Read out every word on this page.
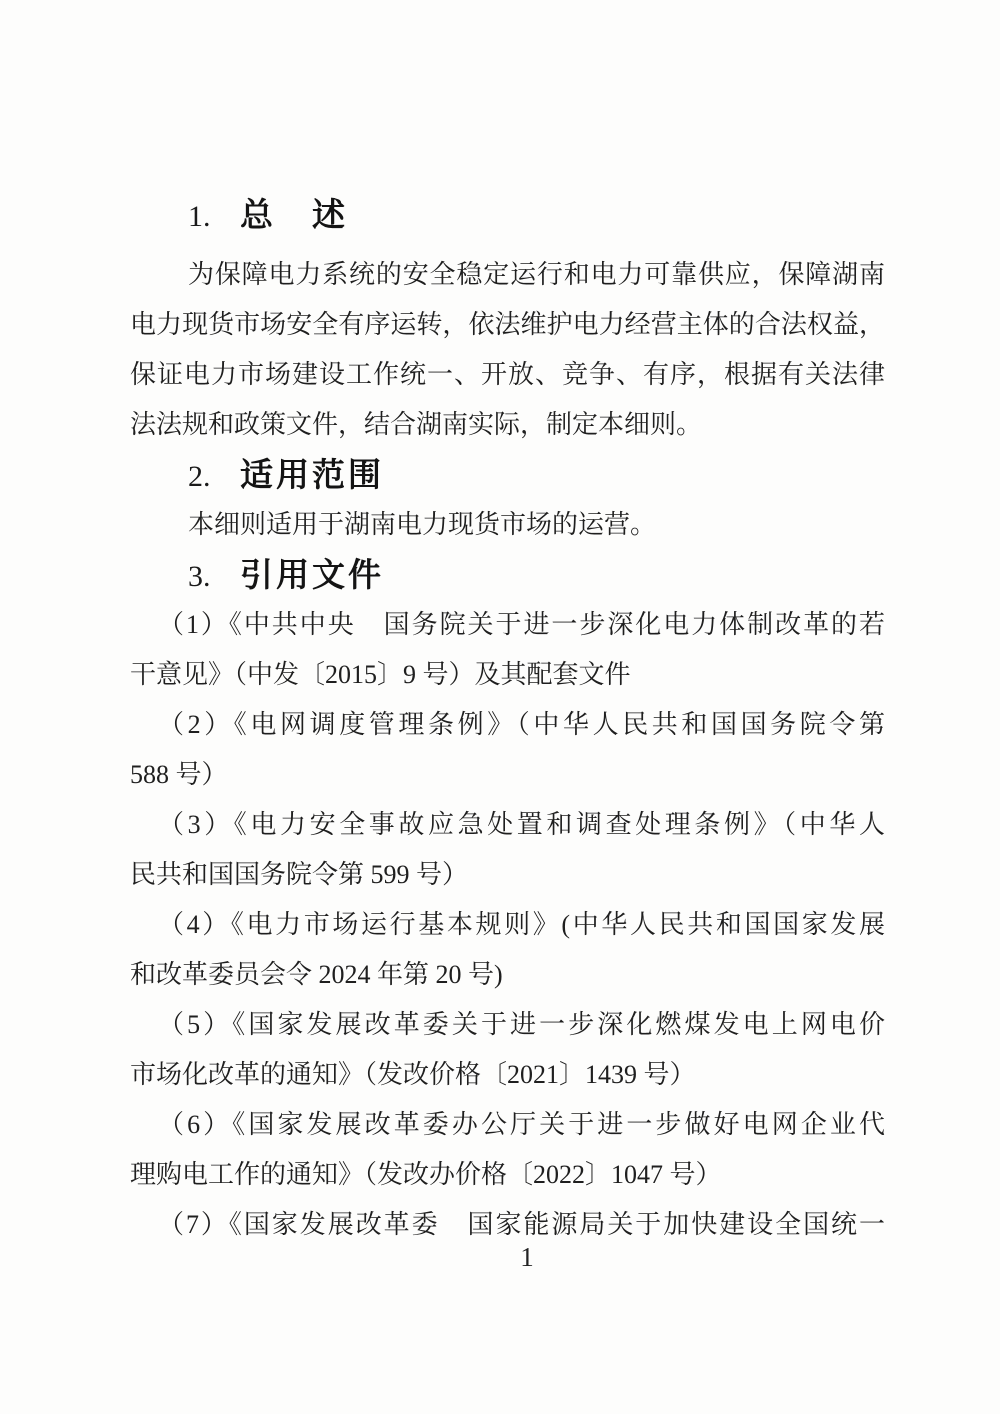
1. 总　述
为保障电力系统的安全稳定运行和电力可靠供应，保障湖南
电力现货市场安全有序运转，依法维护电力经营主体的合法权益，
保证电力市场建设工作统一、开放、竞争、有序，根据有关法律
法法规和政策文件，结合湖南实际，制定本细则。
2. 适用范围
本细则适用于湖南电力现货市场的运营。
3. 引用文件
（1）《中共中央　国务院关于进一步深化电力体制改革的若
干意见》（中发〔2015〕9 号）及其配套文件
（2）《电网调度管理条例》（中华人民共和国国务院令第
588 号）
（3）《电力安全事故应急处置和调查处理条例》（中华人
民共和国国务院令第 599 号）
（4）《电力市场运行基本规则》(中华人民共和国国家发展
和改革委员会令 2024 年第 20 号)
（5）《国家发展改革委关于进一步深化燃煤发电上网电价
市场化改革的通知》（发改价格〔2021〕1439 号）
（6）《国家发展改革委办公厅关于进一步做好电网企业代
理购电工作的通知》（发改办价格〔2022〕1047 号）
（7）《国家发展改革委　国家能源局关于加快建设全国统一
1
